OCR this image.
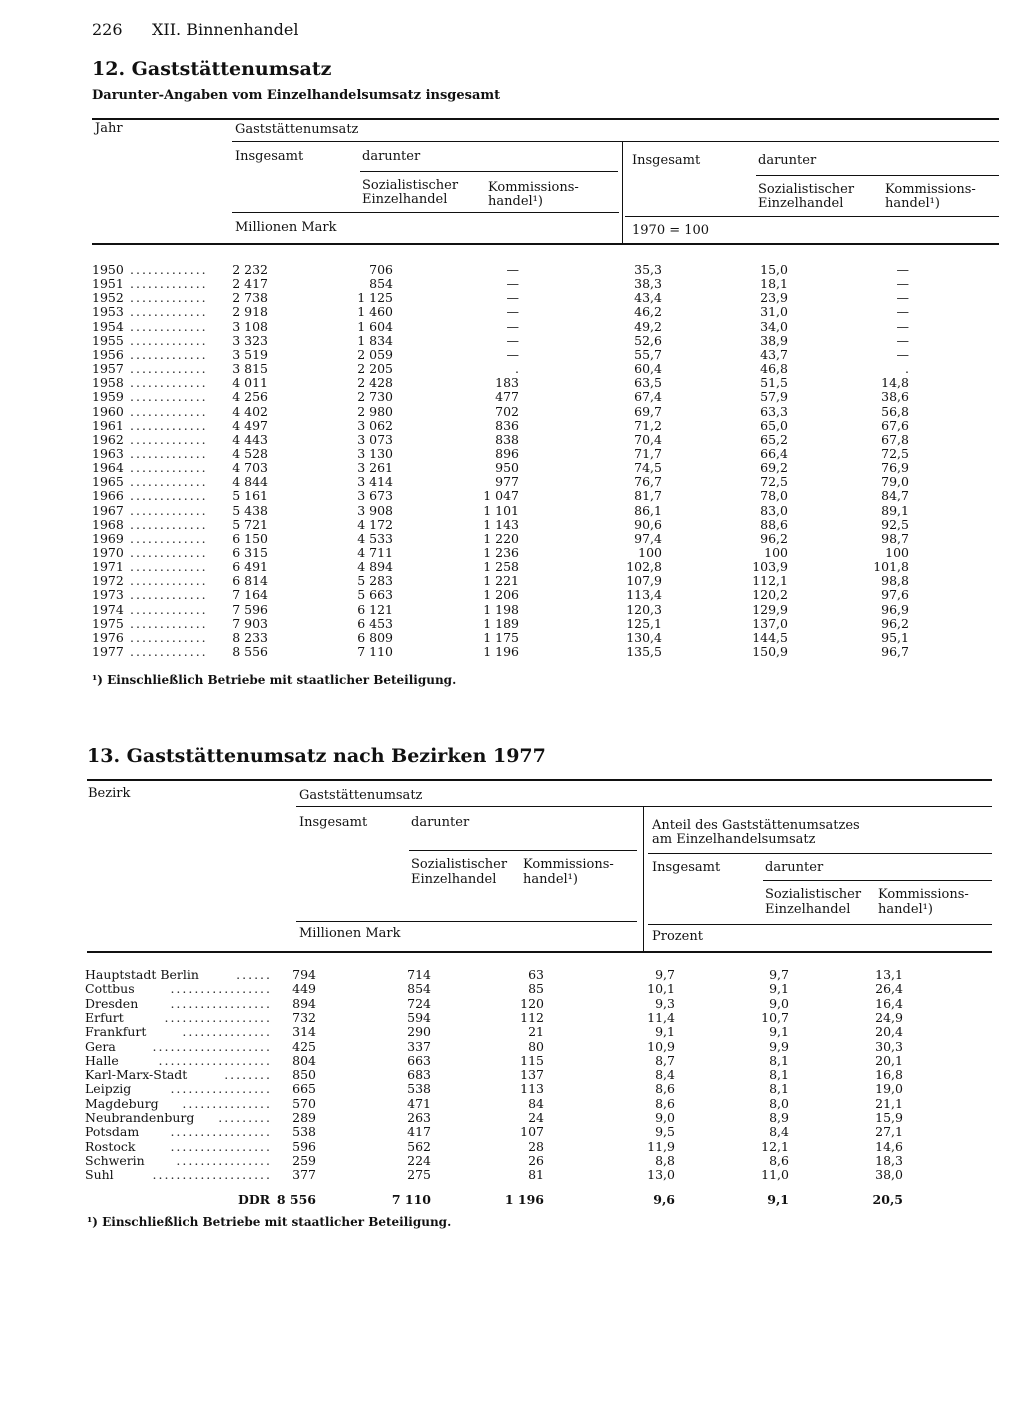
226 XII. Binnenhandel
12. Gaststättenumsatz
Darunter-Angaben vom Einzelhandelsumsatz insgesamt
Jahr	Gaststättenumsatz
Insgesamt	darunter	Insgesamt	darunter
Sozialistischer
Einzelhandel
Kommissions-
handel¹)
Sozialistischer
Einzelhandel
Kommissions-
handel¹)
Millionen Mark	1970 = 100
1950 ............. 2 232	706	—	35,3	15,0	—
1951 ............. 2 417	854	—	38,3	18,1	—
1952 ............. 2 738	1 125	—	43,4	23,9	—
1953 ............. 2 918	1 460	—	46,2	31,0	—
1954 ............. 3 108	1 604	—	49,2	34,0	—
1955 ............. 3 323	1 834	—	52,6	38,9	—
1956 ............. 3 519	2 059	—	55,7	43,7	—
1957 ............. 3 815	2 205	.	60,4	46,8	.
1958 ............. 4 011	2 428	183	63,5	51,5	14,8
1959 ............. 4 256	2 730	477	67,4	57,9	38,6
1960 ............. 4 402	2 980	702	69,7	63,3	56,8
1961 ............. 4 497	3 062	836	71,2	65,0	67,6
1962 ............. 4 443	3 073	838	70,4	65,2	67,8
1963 ............. 4 528	3 130	896	71,7	66,4	72,5
1964 ............. 4 703	3 261	950	74,5	69,2	76,9
1965 ............. 4 844	3 414	977	76,7	72,5	79,0
1966 ............. 5 161	3 673	1 047	81,7	78,0	84,7
1967 ............. 5 438	3 908	1 101	86,1	83,0	89,1
1968 ............. 5 721	4 172	1 143	90,6	88,6	92,5
1969 ............. 6 150	4 533	1 220	97,4	96,2	98,7
1970 ............. 6 315	4 711	1 236	100	100	100
1971 ............. 6 491	4 894	1 258	102,8	103,9	101,8
1972 ............. 6 814	5 283	1 221	107,9	112,1	98,8
1973 ............. 7 164	5 663	1 206	113,4	120,2	97,6
1974 ............. 7 596	6 121	1 198	120,3	129,9	96,9
1975 ............. 7 903	6 453	1 189	125,1	137,0	96,2
1976 ............. 8 233	6 809	1 175	130,4	144,5	95,1
1977 ............. 8 556	7 110	1 196	135,5	150,9	96,7
¹) Einschließlich Betriebe mit staatlicher Beteiligung.
13. Gaststättenumsatz nach Bezirken 1977
Bezirk	Gaststättenumsatz
Insgesamt	darunter	Anteil des Gaststättenumsatzes
am Einzelhandelsumsatz
Sozialistischer
Einzelhandel
Kommissions-
handel¹)
Insgesamt	darunter
Sozialistischer
Einzelhandel
Kommissions-
handel¹)
Millionen Mark	Prozent
Hauptstadt Berlin	...... 794	714	63	9,7	9,7	13,1
Cottbus	................. 449	854	85	10,1	9,1	26,4
Dresden	................. 894	724	120	9,3	9,0	16,4
Erfurt	.................. 732	594	112	11,4	10,7	24,9
Frankfurt	............... 314	290	21	9,1	9,1	20,4
Gera	.................... 425	337	80	10,9	9,9	30,3
Halle	................... 804	663	115	8,7	8,1	20,1
Karl-Marx-Stadt	........ 850	683	137	8,4	8,1	16,8
Leipzig	................. 665	538	113	8,6	8,1	19,0
Magdeburg ............... 570	471	84	8,6	8,0	21,1
Neubrandenburg ......... 289	263	24	9,0	8,9	15,9
Potsdam	................. 538	417	107	9,5	8,4	27,1
Rostock	................. 596	562	28	11,9	12,1	14,6
Schwerin	................ 259	224	26	8,8	8,6	18,3
Suhl	.................... 377	275	81	13,0	11,0	38,0
DDR 8 556	7 110	1 196	9,6	9,1	20,5
¹) Einschließlich Betriebe mit staatlicher Beteiligung.
